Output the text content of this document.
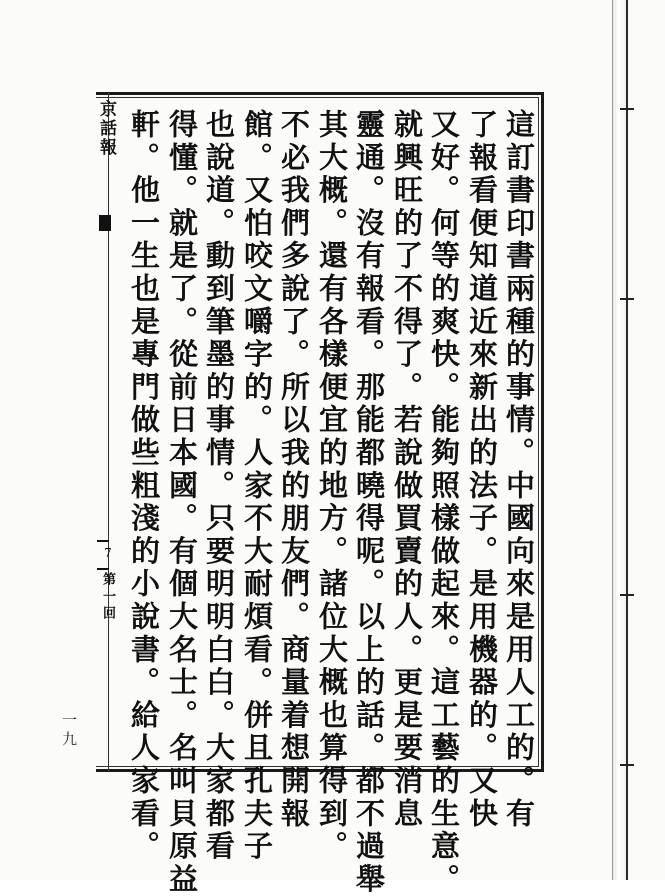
京話報
7
第一回	這訂書印書兩種的事情。中國向來是用人工的。有
了報看便知道近來新出的法子。是用機器的。又快
又好。何等的爽快。能夠照樣做起來。這工藝的生意。
就興旺的了不得了。若說做買賣的人。更是要消息
靈通。沒有報看。那能都曉得呢。以上的話。都不過舉
其大概。還有各樣便宜的地方。諸位大概也算得到。
不必我們多說了。所以我的朋友們。商量着想開報
館。又怕咬文嚼字的。人家不大耐煩看。併且孔夫子
也說道。動到筆墨的事情。只要明明白白。大家都看
得懂。就是了。從前日本國。有個大名士。名叫貝原益
軒。他一生也是專門做些粗淺的小說書。給人家看。
一九
